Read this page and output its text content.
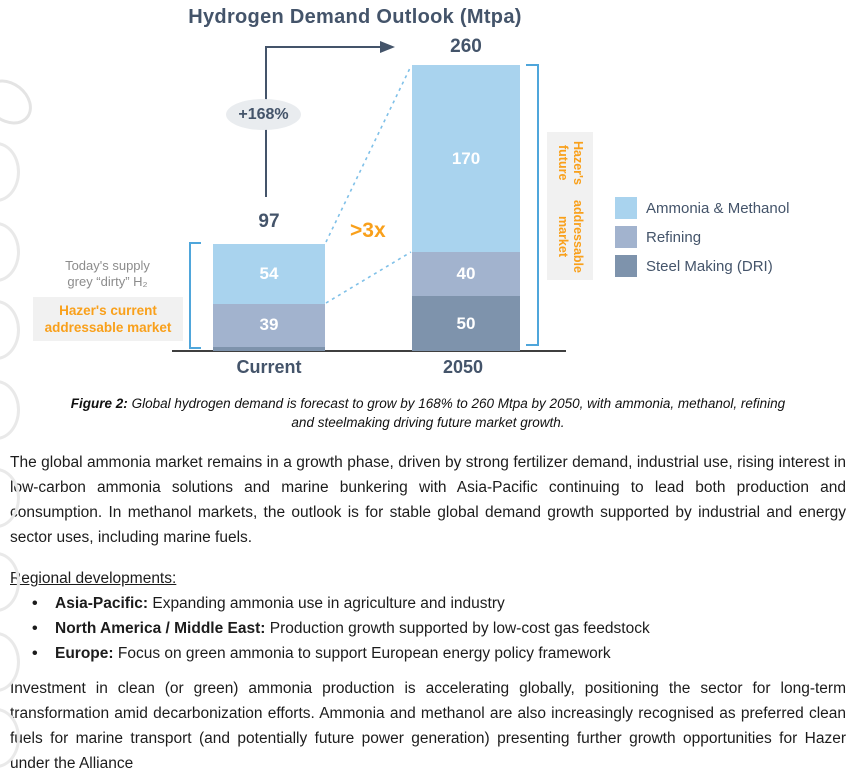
Hydrogen Demand Outlook (Mtpa)
39
54
50
40
170
+168%
>3x
97
260
Current	2050
Today's supply
grey “dirty” H₂
Hazer's current
addressable market
Hazer's future
addressable market
Ammonia & Methanol
Refining
Steel Making (DRI)
Figure 2: Global hydrogen demand is forecast to grow by 168% to 260 Mtpa by 2050, with ammonia, methanol, refining and steelmaking driving future market growth.

The global ammonia market remains in a growth phase, driven by strong fertilizer demand, industrial use, rising interest in low-carbon ammonia solutions and marine bunkering with Asia-Pacific continuing to lead both production and consumption. In methanol markets, the outlook is for stable global demand growth supported by industrial and energy sector uses, including marine fuels.

Regional developments:

• Asia-Pacific: Expanding ammonia use in agriculture and industry
• North America / Middle East: Production growth supported by low-cost gas feedstock
• Europe: Focus on green ammonia to support European energy policy framework

Investment in clean (or green) ammonia production is accelerating globally, positioning the sector for long-term transformation amid decarbonization efforts. Ammonia and methanol are also increasingly recognised as preferred clean fuels for marine transport (and potentially future power generation) presenting further growth opportunities for Hazer under the Alliance
